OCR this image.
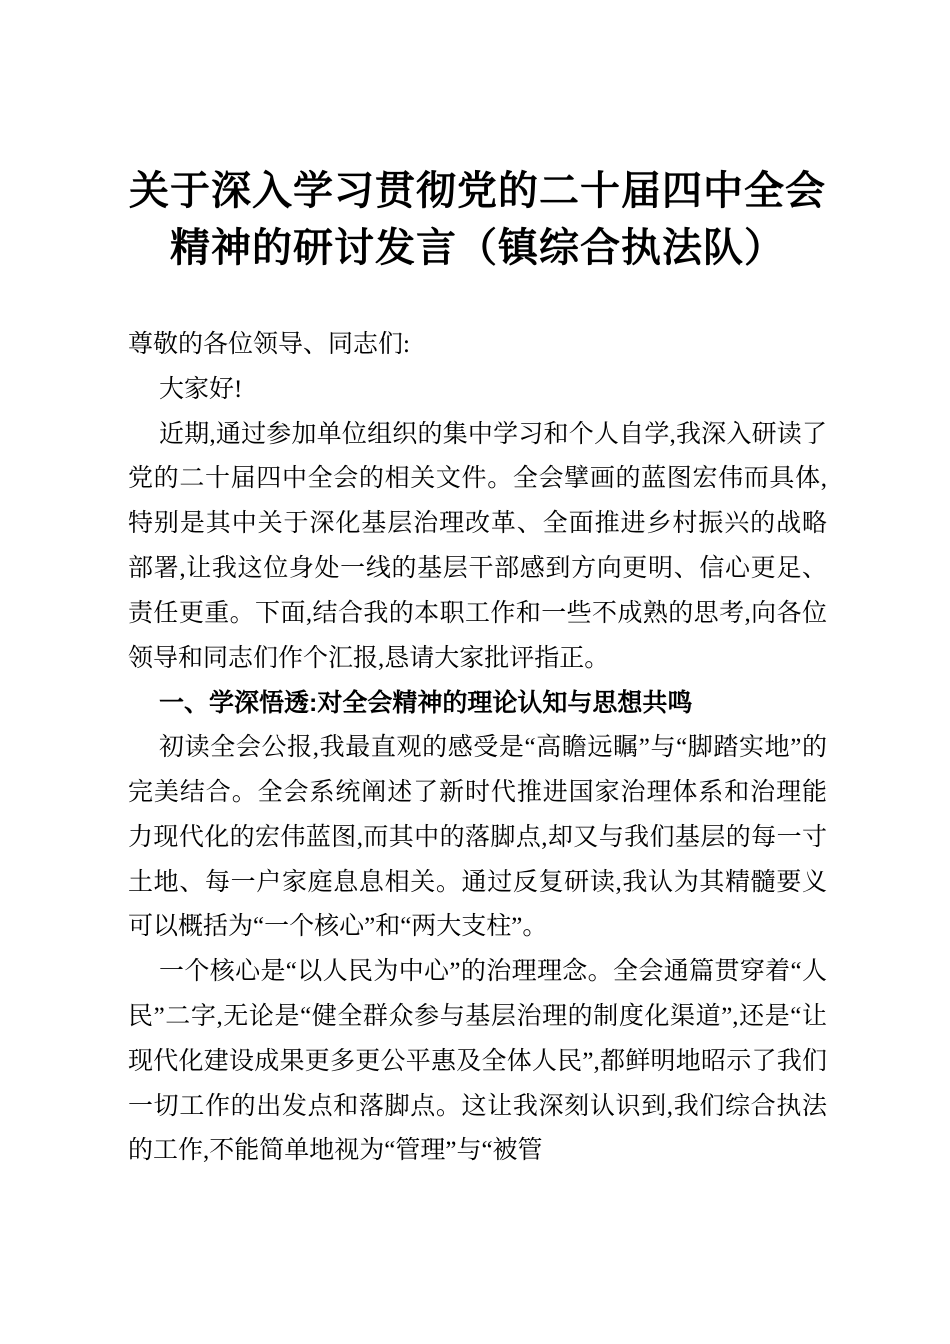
关于深入学习贯彻党的二十届四中全会精神的研讨发言（镇综合执法队）

尊敬的各位领导、同志们:

大家好!

近期,通过参加单位组织的集中学习和个人自学,我深入研读了党的二十届四中全会的相关文件。全会擘画的蓝图宏伟而具体,特别是其中关于深化基层治理改革、全面推进乡村振兴的战略部署,让我这位身处一线的基层干部感到方向更明、信心更足、责任更重。下面,结合我的本职工作和一些不成熟的思考,向各位领导和同志们作个汇报,恳请大家批评指正。

一、学深悟透:对全会精神的理论认知与思想共鸣

初读全会公报,我最直观的感受是“高瞻远瞩”与“脚踏实地”的完美结合。全会系统阐述了新时代推进国家治理体系和治理能力现代化的宏伟蓝图,而其中的落脚点,却又与我们基层的每一寸土地、每一户家庭息息相关。通过反复研读,我认为其精髓要义可以概括为“一个核心”和“两大支柱”。

一个核心是“以人民为中心”的治理理念。全会通篇贯穿着“人民”二字,无论是“健全群众参与基层治理的制度化渠道”,还是“让现代化建设成果更多更公平惠及全体人民”,都鲜明地昭示了我们一切工作的出发点和落脚点。这让我深刻认识到,我们综合执法的工作,不能简单地视为“管理”与“被管
